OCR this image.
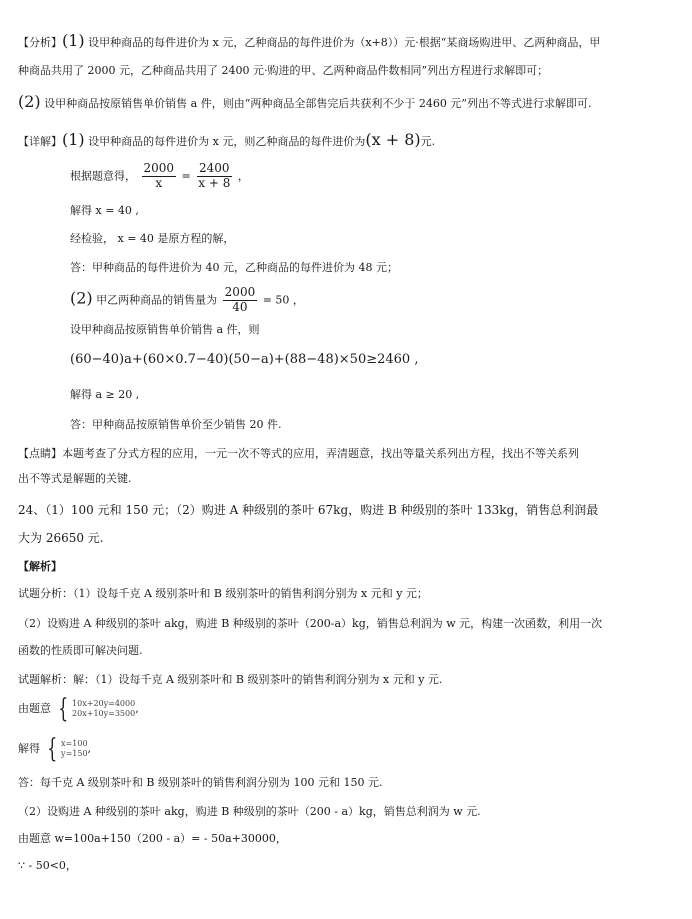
【分析】(1) 设甲种商品的每件进价为 x 元，乙种商品的每件进价为（x+8））元·根据“某商场购进甲、乙两种商品，甲
种商品共用了 2000 元，乙种商品共用了 2400 元·购进的甲、乙两种商品件数相同”列出方程进行求解即可；
(2) 设甲种商品按原销售单价销售 a 件，则由“两种商品全部售完后共获利不少于 2460 元”列出不等式进行求解即可.
【详解】(1) 设甲种商品的每件进价为 x 元，则乙种商品的每件进价为(x + 8)元.
根据题意得， $\frac{2000}{x} = \frac{2400}{x + 8}$ ，
解得 x = 40 ,
经检验， x = 40 是原方程的解，
答：甲种商品的每件进价为 40 元，乙种商品的每件进价为 48 元；
(2) 甲乙两种商品的销售量为 $\frac{2000}{40} = 50$ ，
设甲种商品按原销售单价销售 a 件，则
(60−40)a+(60×0.7−40)(50−a)+(88−48)×50≥2460 ,
解得 a ≥ 20 ,
答：甲种商品按原销售单价至少销售 20 件.
【点睛】本题考查了分式方程的应用，一元一次不等式的应用，弄清题意，找出等量关系列出方程，找出不等关系列
出不等式是解题的关键.
24、（1）100 元和 150 元；（2）购进 A 种级别的茶叶 67kg，购进 B 种级别的茶叶 133kg，销售总利润最
大为 26650 元.
【解析】
试题分析：（1）设每千克 A 级别茶叶和 B 级别茶叶的销售利润分别为 x 元和 y 元；
（2）设购进 A 种级别的茶叶 akg，购进 B 种级别的茶叶（200-a）kg，销售总利润为 w 元，构建一次函数，利用一次
函数的性质即可解决问题.
试题解析：解：（1）设每千克 A 级别茶叶和 B 级别茶叶的销售利润分别为 x 元和 y 元.
由题意 { 10x+20y=4000
20x+10y=3500 ,
解得 { x=100
y=150 ,
答：每千克 A 级别茶叶和 B 级别茶叶的销售利润分别为 100 元和 150 元.
（2）设购进 A 种级别的茶叶 akg，购进 B 种级别的茶叶（200 - a）kg，销售总利润为 w 元.
由题意 w=100a+150（200 - a）= - 50a+30000，
∵ - 50<0，
